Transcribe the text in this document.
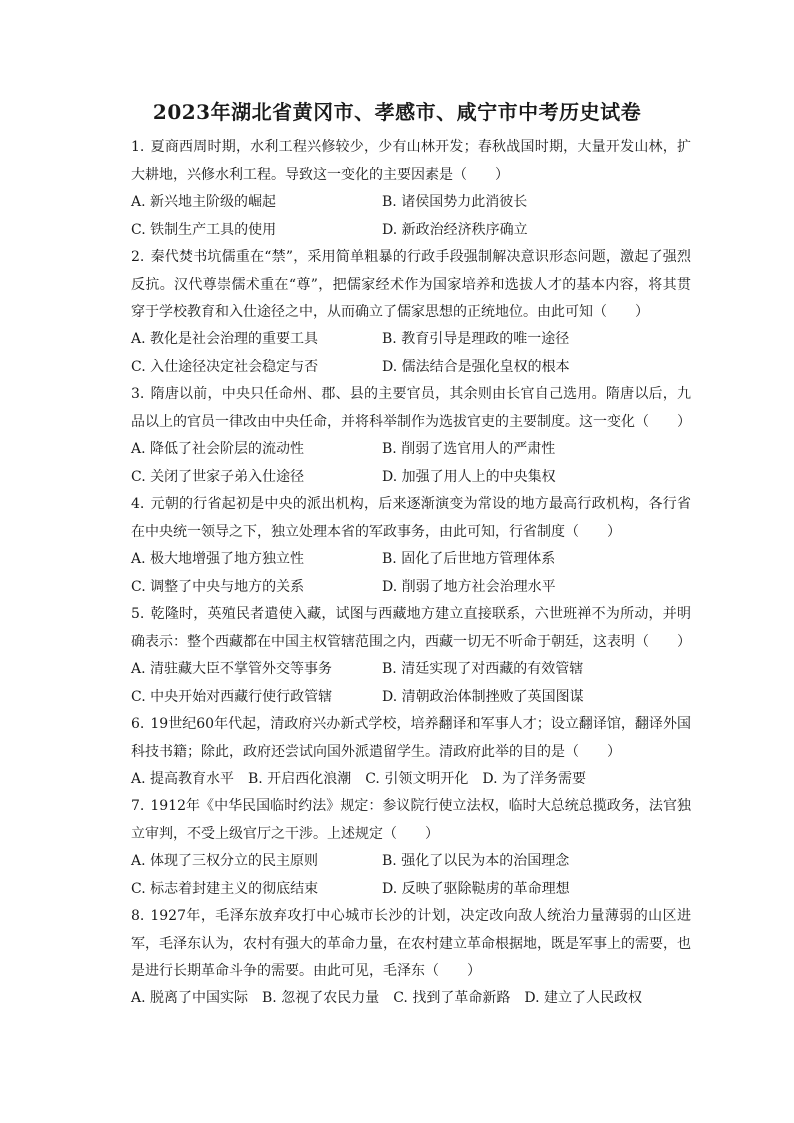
2023年湖北省黄冈市、孝感市、咸宁市中考历史试卷
1. 夏商西周时期，水利工程兴修较少，少有山林开发；春秋战国时期，大量开发山林，扩大耕地，兴修水利工程。导致这一变化的主要因素是（　　）
A. 新兴地主阶级的崛起	B. 诸侯国势力此消彼长
C. 铁制生产工具的使用	D. 新政治经济秩序确立
2. 秦代焚书坑儒重在“禁”，采用简单粗暴的行政手段强制解决意识形态问题，激起了强烈反抗。汉代尊崇儒术重在“尊”，把儒家经术作为国家培养和选拔人才的基本内容，将其贯穿于学校教育和入仕途径之中，从而确立了儒家思想的正统地位。由此可知（　　）
A. 教化是社会治理的重要工具	B. 教育引导是理政的唯一途径
C. 入仕途径决定社会稳定与否	D. 儒法结合是强化皇权的根本
3. 隋唐以前，中央只任命州、郡、县的主要官员，其余则由长官自己选用。隋唐以后，九品以上的官员一律改由中央任命，并将科举制作为选拔官吏的主要制度。这一变化（　　）
A. 降低了社会阶层的流动性	B. 削弱了选官用人的严肃性
C. 关闭了世家子弟入仕途径	D. 加强了用人上的中央集权
4. 元朝的行省起初是中央的派出机构，后来逐渐演变为常设的地方最高行政机构，各行省在中央统一领导之下，独立处理本省的军政事务，由此可知，行省制度（　　）
A. 极大地增强了地方独立性	B. 固化了后世地方管理体系
C. 调整了中央与地方的关系	D. 削弱了地方社会治理水平
5. 乾隆时，英殖民者遣使入藏，试图与西藏地方建立直接联系，六世班禅不为所动，并明确表示：整个西藏都在中国主权管辖范围之内，西藏一切无不听命于朝廷，这表明（　　）
A. 清驻藏大臣不掌管外交等事务	B. 清廷实现了对西藏的有效管辖
C. 中央开始对西藏行使行政管辖	D. 清朝政治体制挫败了英国图谋
6. 19世纪60年代起，清政府兴办新式学校，培养翻译和军事人才；设立翻译馆，翻译外国科技书籍；除此，政府还尝试向国外派遣留学生。清政府此举的目的是（　　）
A. 提高教育水平 B. 开启西化浪潮 C. 引领文明开化 D. 为了洋务需要
7. 1912年《中华民国临时约法》规定：参议院行使立法权，临时大总统总揽政务，法官独立审判，不受上级官厅之干涉。上述规定（　　）
A. 体现了三权分立的民主原则	B. 强化了以民为本的治国理念
C. 标志着封建主义的彻底结束	D. 反映了驱除鞑虏的革命理想
8. 1927年，毛泽东放弃攻打中心城市长沙的计划，决定改向敌人统治力量薄弱的山区进军，毛泽东认为，农村有强大的革命力量，在农村建立革命根据地，既是军事上的需要，也是进行长期革命斗争的需要。由此可见，毛泽东（　　）
A. 脱离了中国实际 B. 忽视了农民力量 C. 找到了革命新路 D. 建立了人民政权
